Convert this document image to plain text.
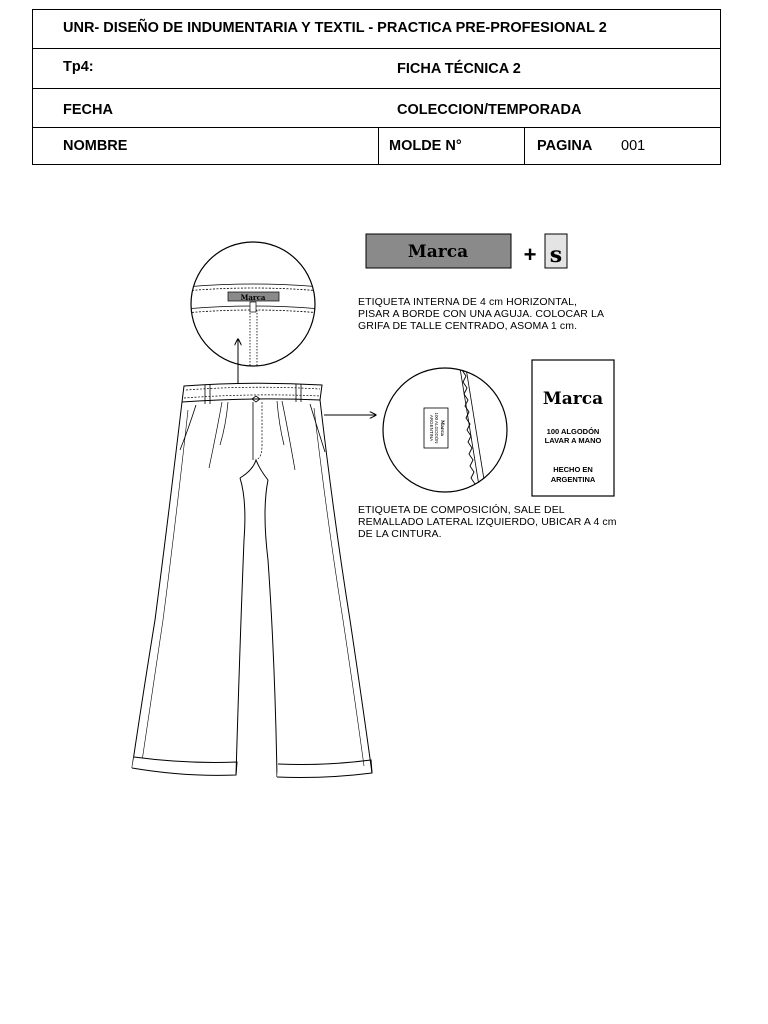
UNR- DISEÑO DE INDUMENTARIA Y TEXTIL - PRACTICA PRE-PROFESIONAL 2
Tp4:	FICHA TÉCNICA 2
FECHA	COLECCION/TEMPORADA
NOMBRE	MOLDE N°	PAGINA 001
Marca	+ s
Marca
Marca
100 ALGODÓN
ARGENTINA
Marca
100 ALGODÓN
LAVAR A MANO
HECHO EN
ARGENTINA
ETIQUETA INTERNA DE 4 cm HORIZONTAL,
PISAR A BORDE CON UNA AGUJA. COLOCAR LA
GRIFA DE TALLE CENTRADO, ASOMA 1 cm.
ETIQUETA DE COMPOSICIÓN, SALE DEL
REMALLADO LATERAL IZQUIERDO, UBICAR A 4 cm
DE LA CINTURA.
